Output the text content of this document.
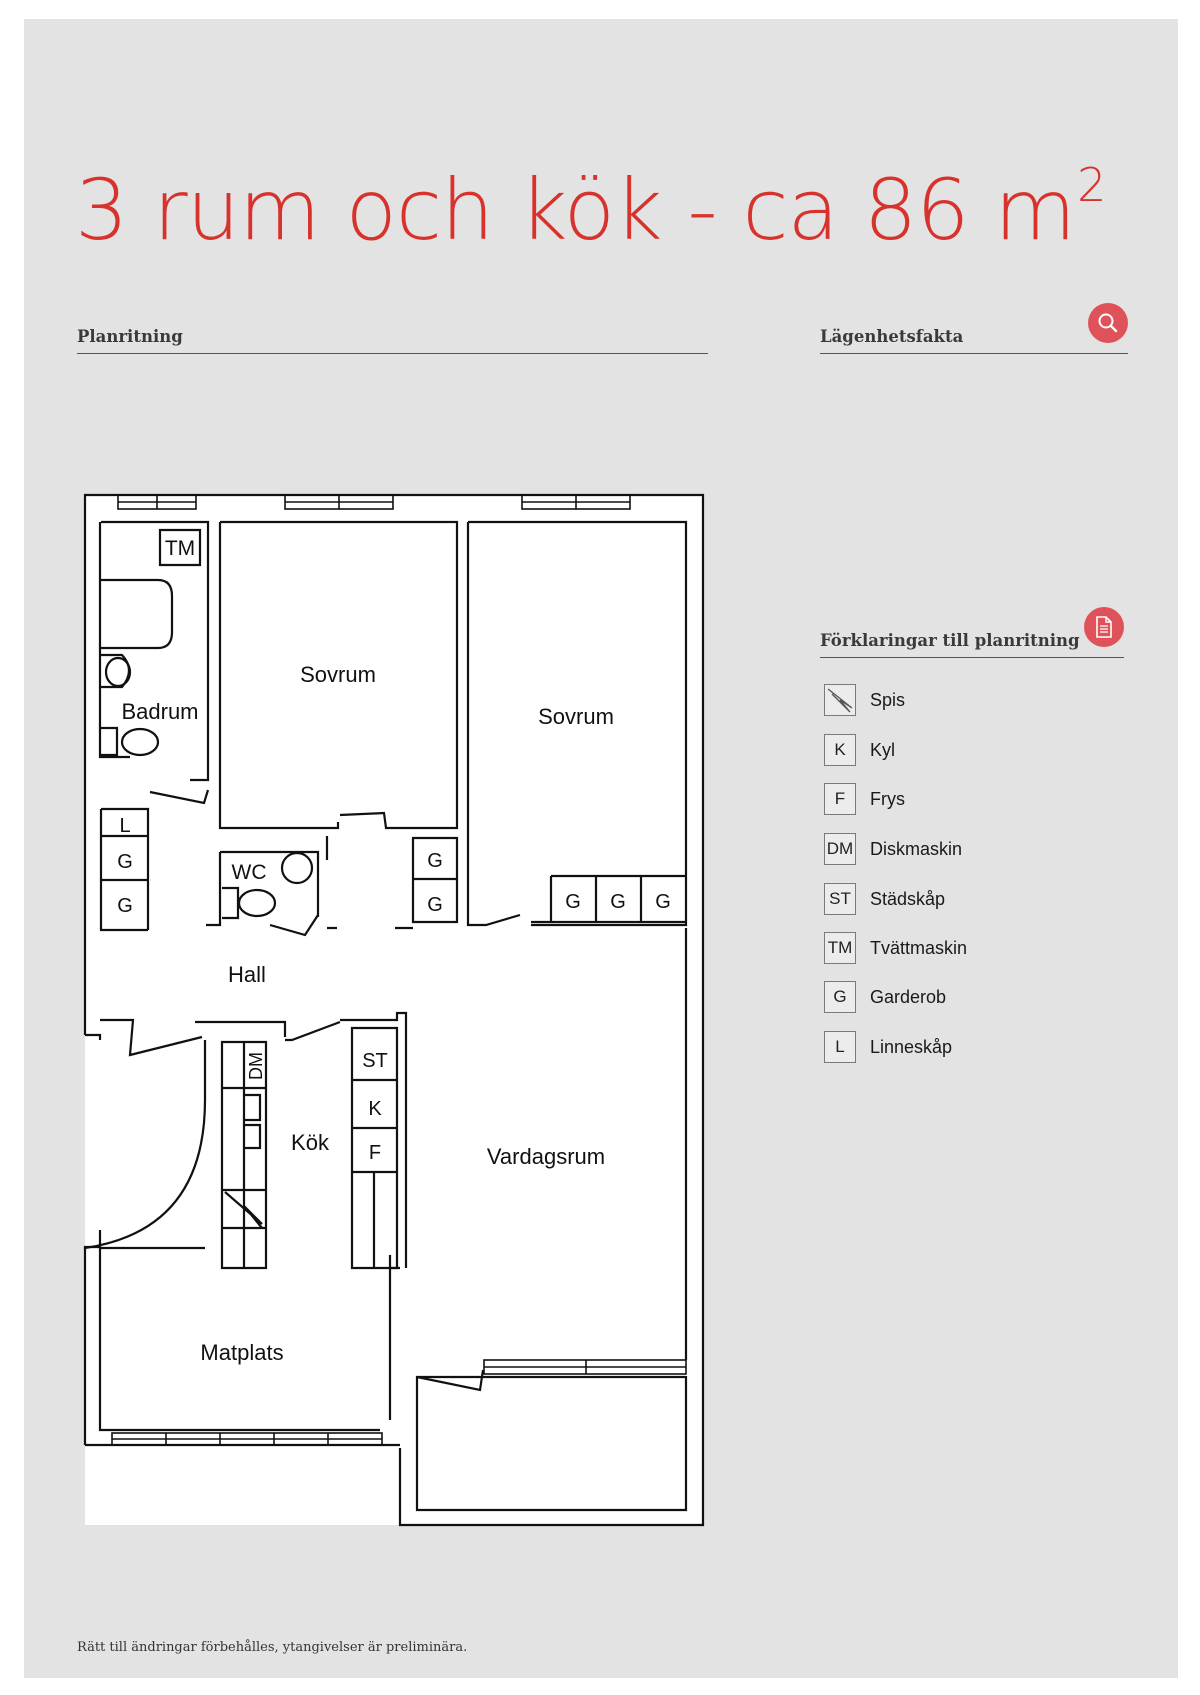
3 rum och kök - ca 86 $m^2$
Planritning	Lägenhetsfakta
Förklaringar till planritning
Sovrum
Sovrum
Badrum
WC
Hall
Kök
Vardagsrum
Matplats
TM
L
G
G
G
G	G G G
DM	ST
K
F
Spis
K	Kyl
F	Frys
DM Diskmaskin
ST Städskåp
TM Tvättmaskin
G	Garderob
L	Linneskåp
Rätt till ändringar förbehålles, ytangivelser är preliminära.
